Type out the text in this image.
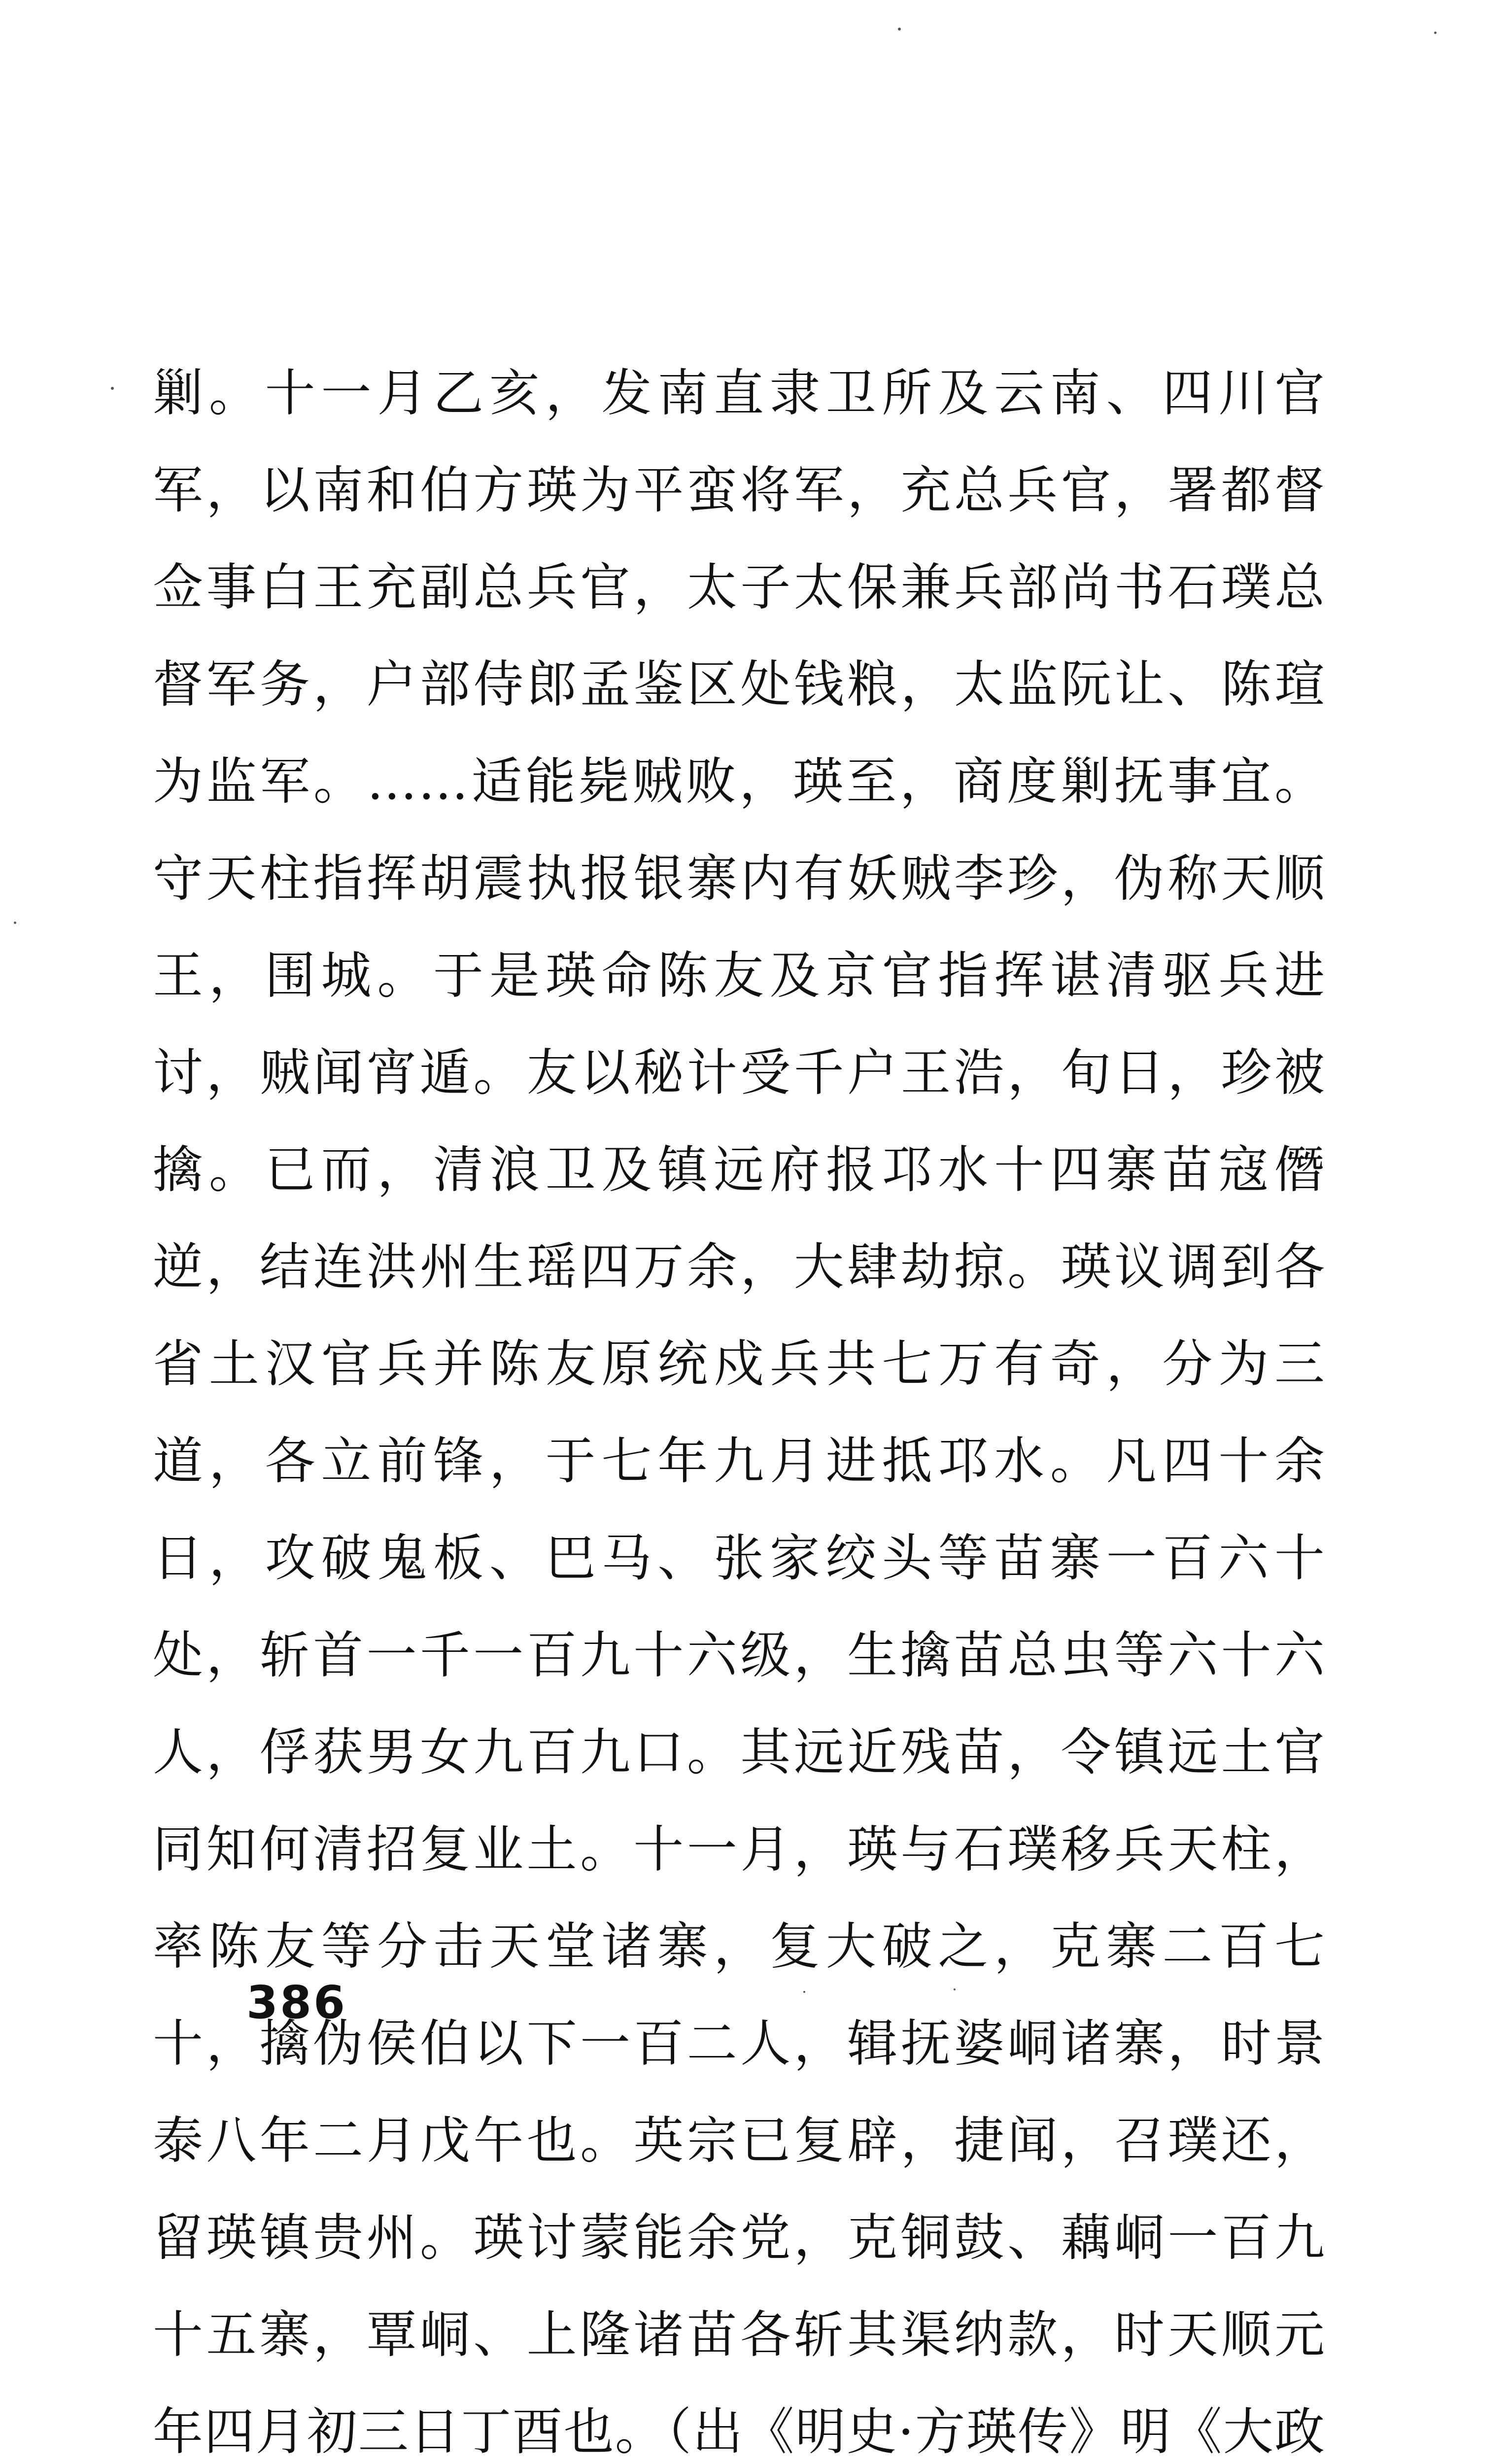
剿。十一月乙亥，发南直隶卫所及云南、四川官军，以南和伯方瑛为平蛮将军，充总兵官，署都督佥事白王充副总兵官，太子太保兼兵部尚书石璞总督军务，户部侍郎孟鉴区处钱粮，太监阮让、陈瑄为监军。……适能毙贼败，瑛至，商度剿抚事宜。守天柱指挥胡震执报银寨内有妖贼李珍，伪称天顺王，围城。于是瑛命陈友及京官指挥谌清驱兵进讨，贼闻宵遁。友以秘计受千户王浩，旬日，珍被擒。已而，清浪卫及镇远府报邛水十四寨苗寇僭逆，结连洪州生瑶四万余，大肆劫掠。瑛议调到各省土汉官兵并陈友原统戍兵共七万有奇，分为三道，各立前锋，于七年九月进抵邛水。凡四十余日，攻破鬼板、巴马、张家绞头等苗寨一百六十处，斩首一千一百九十六级，生擒苗总虫等六十六人，俘获男女九百九口。其远近残苗，令镇远土官同知何清招复业土。十一月，瑛与石璞移兵天柱，率陈友等分击天堂诸寨，复大破之，克寨二百七十，擒伪侯伯以下一百二人，辑抚婆峒诸寨，时景泰八年二月戊午也。英宗已复辟，捷闻，召璞还，留瑛镇贵州。瑛讨蒙能余党，克铜鼓、藕峒一百九十五寨，覃峒、上隆诸苗各斩其渠纳款，时天顺元年四月初三日丁酉也。（出《明史·方瑛传》明《大政

386
